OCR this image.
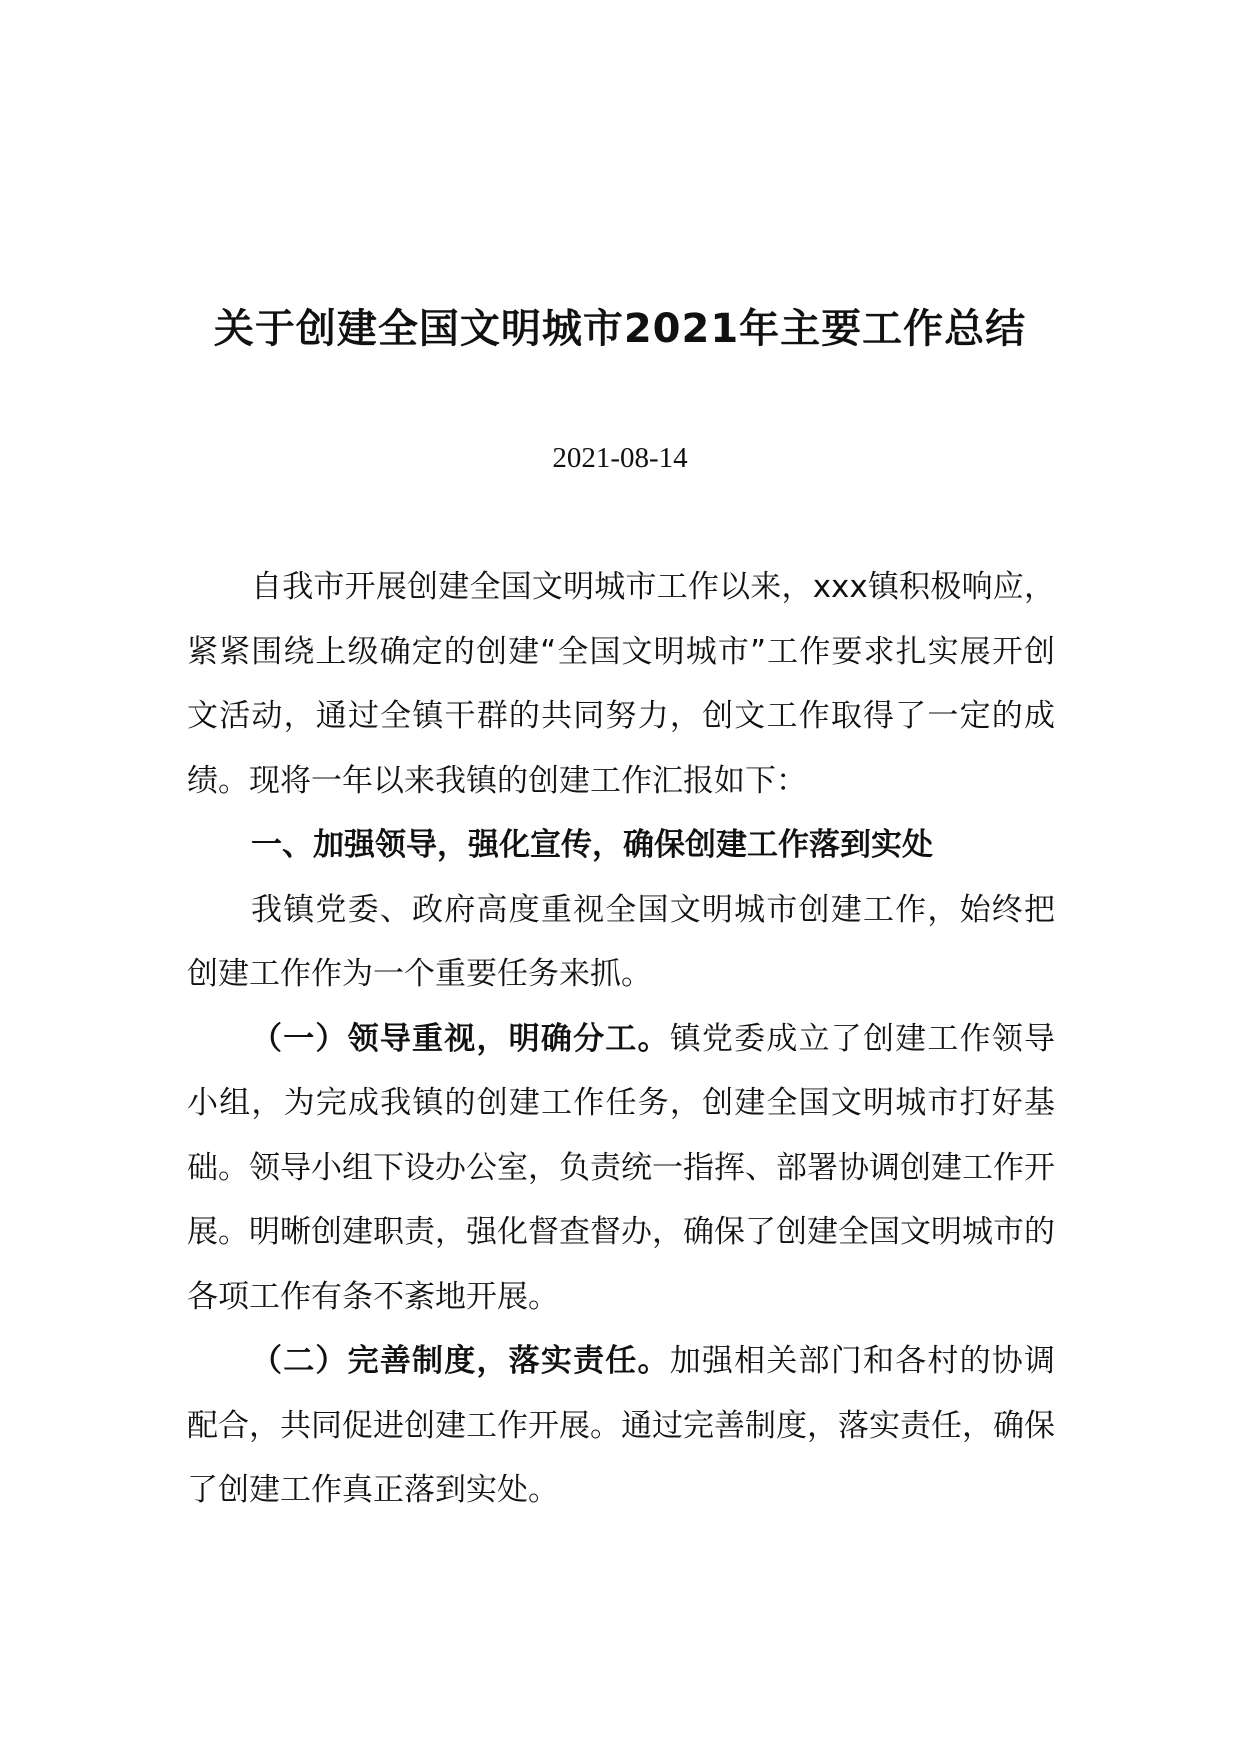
关于创建全国文明城市2021年主要工作总结
2021-08-14

自我市开展创建全国文明城市工作以来，xxx镇积极响应，紧紧围绕上级确定的创建“全国文明城市”工作要求扎实展开创文活动，通过全镇干群的共同努力，创文工作取得了一定的成绩。现将一年以来我镇的创建工作汇报如下：

一、加强领导，强化宣传，确保创建工作落到实处

我镇党委、政府高度重视全国文明城市创建工作，始终把创建工作作为一个重要任务来抓。

（一）领导重视，明确分工。镇党委成立了创建工作领导小组，为完成我镇的创建工作任务，创建全国文明城市打好基础。领导小组下设办公室，负责统一指挥、部署协调创建工作开展。明晰创建职责，强化督查督办，确保了创建全国文明城市的各项工作有条不紊地开展。

（二）完善制度，落实责任。加强相关部门和各村的协调配合，共同促进创建工作开展。通过完善制度，落实责任，确保了创建工作真正落到实处。
